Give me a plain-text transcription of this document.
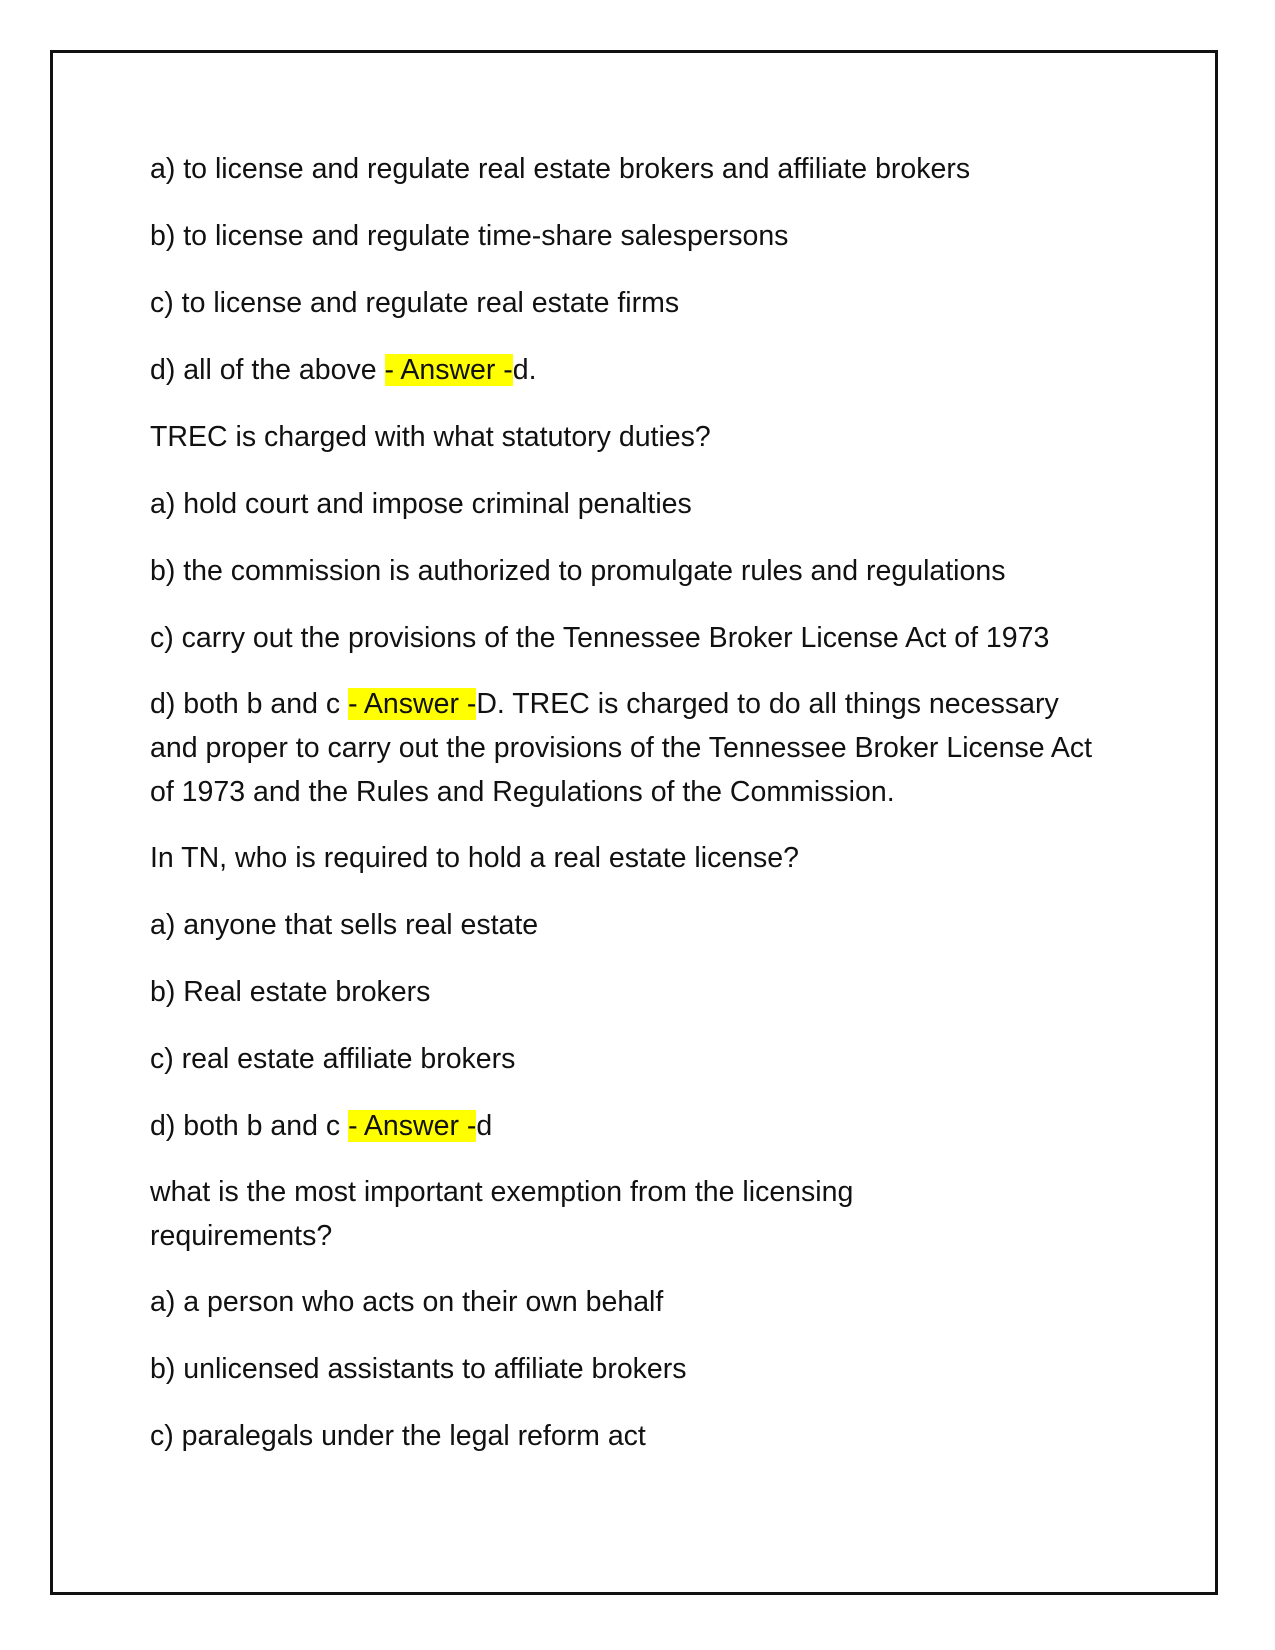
a) to license and regulate real estate brokers and affiliate brokers

b) to license and regulate time-share salespersons

c) to license and regulate real estate firms

d) all of the above - Answer -d.

TREC is charged with what statutory duties?

a) hold court and impose criminal penalties

b) the commission is authorized to promulgate rules and regulations

c) carry out the provisions of the Tennessee Broker License Act of 1973

d) both b and c - Answer -D. TREC is charged to do all things necessary and proper to carry out the provisions of the Tennessee Broker License Act of 1973 and the Rules and Regulations of the Commission.

In TN, who is required to hold a real estate license?

a) anyone that sells real estate

b) Real estate brokers

c) real estate affiliate brokers

d) both b and c - Answer -d

what is the most important exemption from the licensing requirements?

a) a person who acts on their own behalf

b) unlicensed assistants to affiliate brokers

c) paralegals under the legal reform act
